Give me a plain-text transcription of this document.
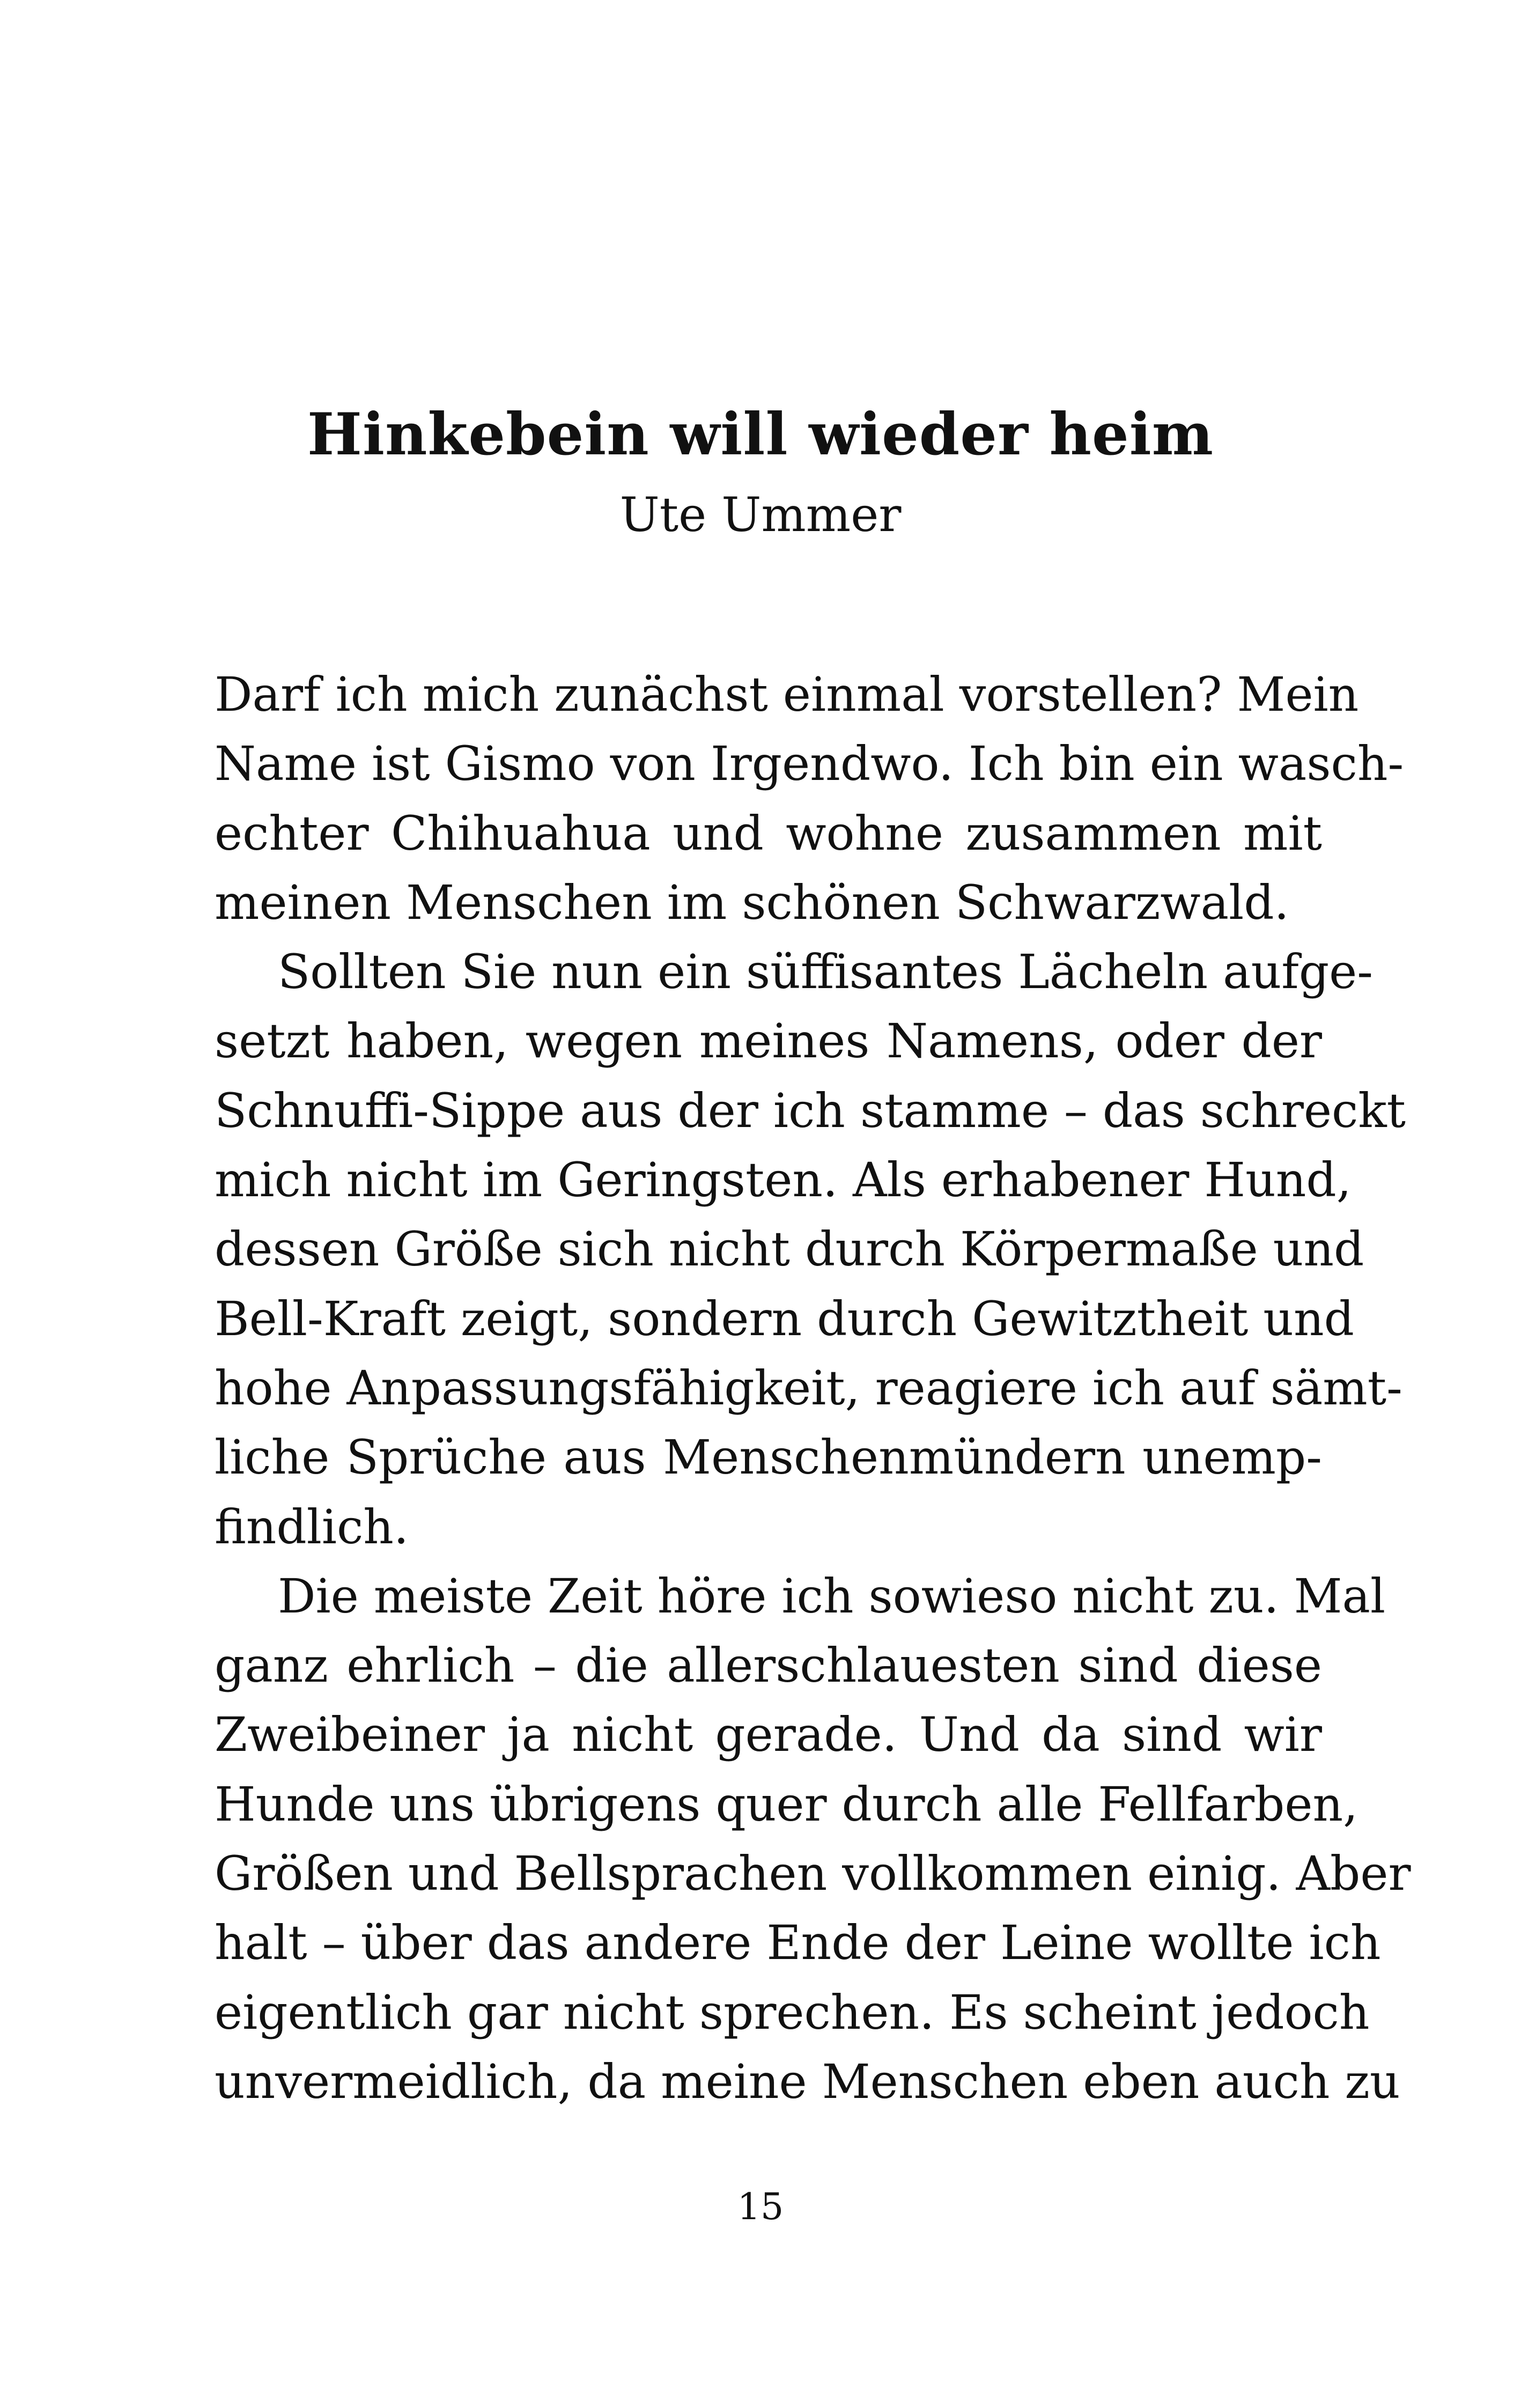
Hinkebein will wieder heim
Ute Ummer
Darf ich mich zunächst einmal vorstellen? Mein
Name ist Gismo von Irgendwo. Ich bin ein wasch-
echter Chihuahua und wohne zusammen mit
meinen Menschen im schönen Schwarzwald.
Sollten Sie nun ein süffisantes Lächeln aufge-
setzt haben, wegen meines Namens, oder der
Schnuffi-Sippe aus der ich stamme – das schreckt
mich nicht im Geringsten. Als erhabener Hund,
dessen Größe sich nicht durch Körpermaße und
Bell-Kraft zeigt, sondern durch Gewitztheit und
hohe Anpassungsfähigkeit, reagiere ich auf sämt-
liche Sprüche aus Menschenmündern unemp-
findlich.
Die meiste Zeit höre ich sowieso nicht zu. Mal
ganz ehrlich – die allerschlauesten sind diese
Zweibeiner ja nicht gerade. Und da sind wir
Hunde uns übrigens quer durch alle Fellfarben,
Größen und Bellsprachen vollkommen einig. Aber
halt – über das andere Ende der Leine wollte ich
eigentlich gar nicht sprechen. Es scheint jedoch
unvermeidlich, da meine Menschen eben auch zu
15
